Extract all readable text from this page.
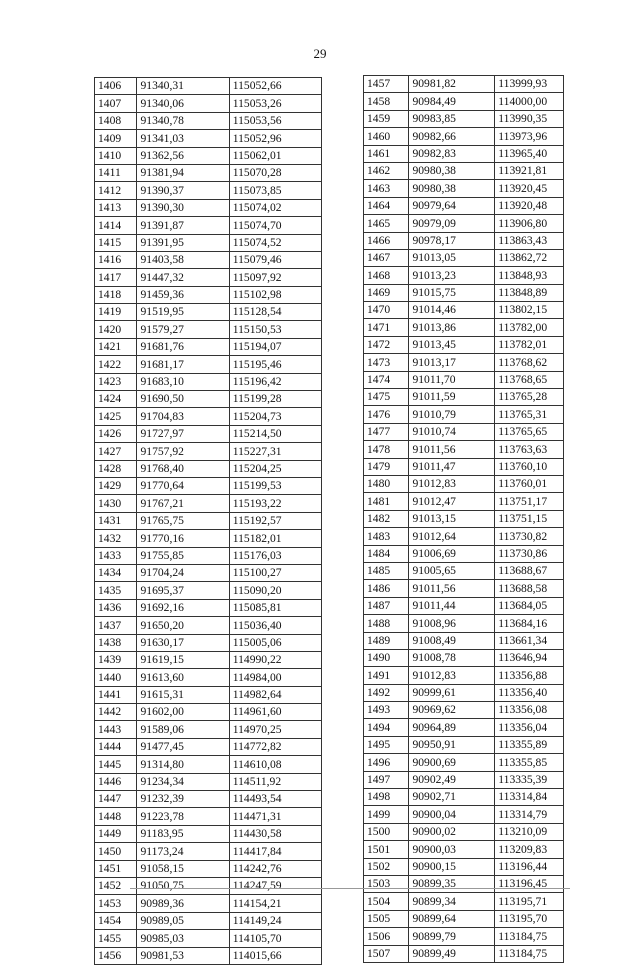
29
1406	91340,31	115052,66
1407	91340,06	115053,26
1408	91340,78	115053,56
1409	91341,03	115052,96
1410	91362,56	115062,01
1411	91381,94	115070,28
1412	91390,37	115073,85
1413	91390,30	115074,02
1414	91391,87	115074,70
1415	91391,95	115074,52
1416	91403,58	115079,46
1417	91447,32	115097,92
1418	91459,36	115102,98
1419	91519,95	115128,54
1420	91579,27	115150,53
1421	91681,76	115194,07
1422	91681,17	115195,46
1423	91683,10	115196,42
1424	91690,50	115199,28
1425	91704,83	115204,73
1426	91727,97	115214,50
1427	91757,92	115227,31
1428	91768,40	115204,25
1429	91770,64	115199,53
1430	91767,21	115193,22
1431	91765,75	115192,57
1432	91770,16	115182,01
1433	91755,85	115176,03
1434	91704,24	115100,27
1435	91695,37	115090,20
1436	91692,16	115085,81
1437	91650,20	115036,40
1438	91630,17	115005,06
1439	91619,15	114990,22
1440	91613,60	114984,00
1441	91615,31	114982,64
1442	91602,00	114961,60
1443	91589,06	114970,25
1444	91477,45	114772,82
1445	91314,80	114610,08
1446	91234,34	114511,92
1447	91232,39	114493,54
1448	91223,78	114471,31
1449	91183,95	114430,58
1450	91173,24	114417,84
1451	91058,15	114242,76
1452	91050,75	114247,59
1453	90989,36	114154,21
1454	90989,05	114149,24
1455	90985,03	114105,70
1456	90981,53	114015,66
1457	90981,82	113999,93
1458	90984,49	114000,00
1459	90983,85	113990,35
1460	90982,66	113973,96
1461	90982,83	113965,40
1462	90980,38	113921,81
1463	90980,38	113920,45
1464	90979,64	113920,48
1465	90979,09	113906,80
1466	90978,17	113863,43
1467	91013,05	113862,72
1468	91013,23	113848,93
1469	91015,75	113848,89
1470	91014,46	113802,15
1471	91013,86	113782,00
1472	91013,45	113782,01
1473	91013,17	113768,62
1474	91011,70	113768,65
1475	91011,59	113765,28
1476	91010,79	113765,31
1477	91010,74	113765,65
1478	91011,56	113763,63
1479	91011,47	113760,10
1480	91012,83	113760,01
1481	91012,47	113751,17
1482	91013,15	113751,15
1483	91012,64	113730,82
1484	91006,69	113730,86
1485	91005,65	113688,67
1486	91011,56	113688,58
1487	91011,44	113684,05
1488	91008,96	113684,16
1489	91008,49	113661,34
1490	91008,78	113646,94
1491	91012,83	113356,88
1492	90999,61	113356,40
1493	90969,62	113356,08
1494	90964,89	113356,04
1495	90950,91	113355,89
1496	90900,69	113355,85
1497	90902,49	113335,39
1498	90902,71	113314,84
1499	90900,04	113314,79
1500	90900,02	113210,09
1501	90900,03	113209,83
1502	90900,15	113196,44
1503	90899,35	113196,45
1504	90899,34	113195,71
1505	90899,64	113195,70
1506	90899,79	113184,75
1507	90899,49	113184,75
